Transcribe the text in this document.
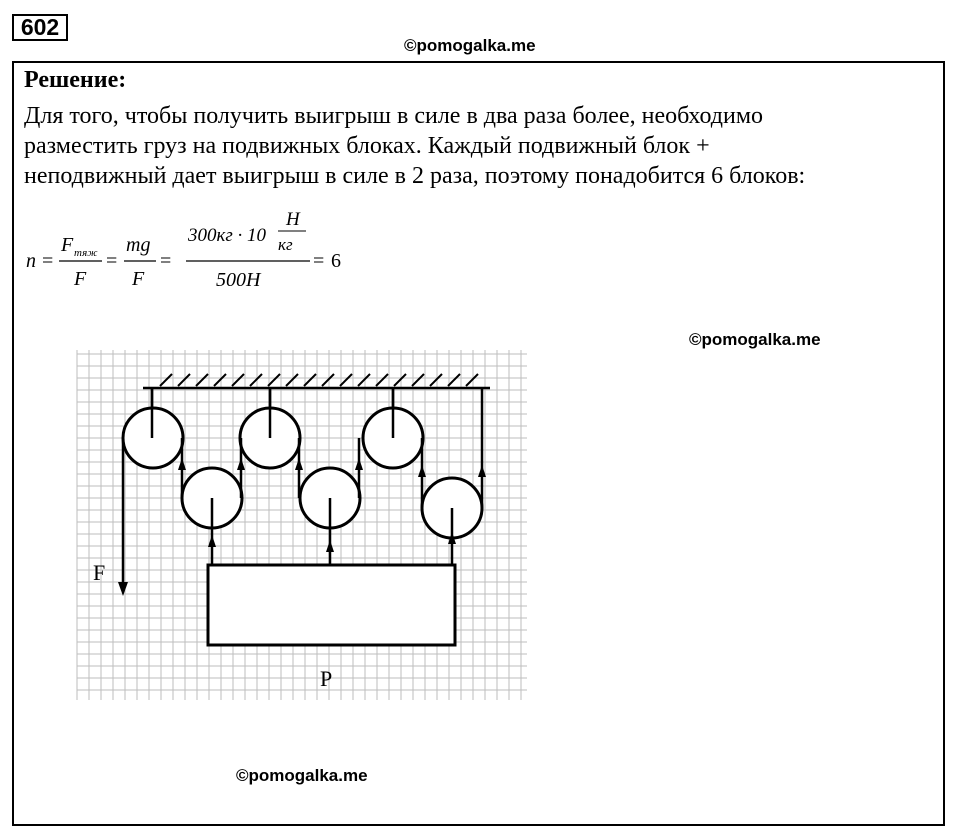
602
©pomogalka.me
Решение:
Для того, чтобы получить выигрыш в силе в два раза более, необходимо
разместить груз на подвижных блоках. Каждый подвижный блок +
неподвижный дает выигрыш в силе в 2 раза, поэтому понадобится 6 блоков:
n =
F тяж
F
=
mg
F
=
300кг · 10
H
кг
500H
= 6
©pomogalka.me
F
P
©pomogalka.me
